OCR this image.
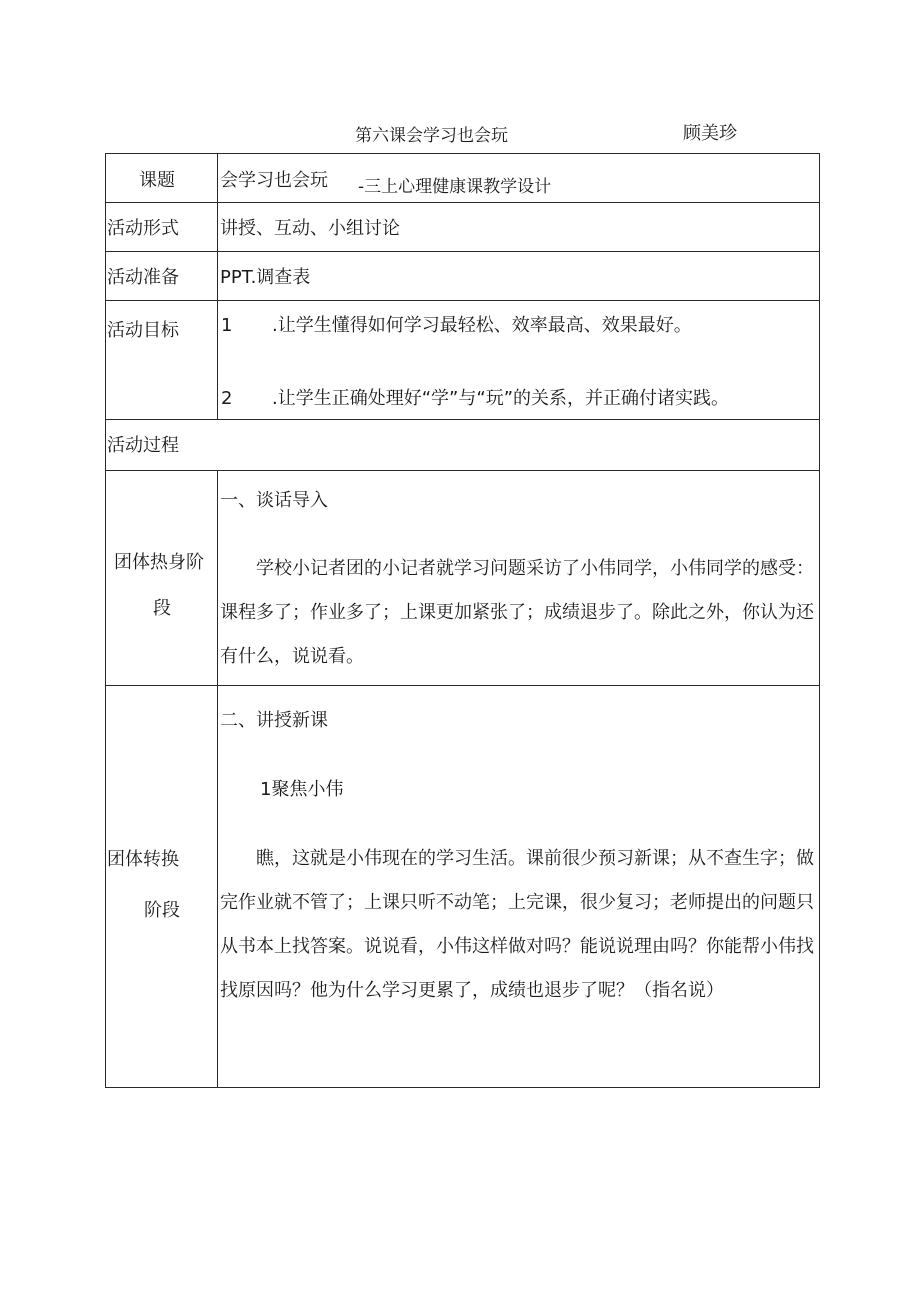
第六课会学习也会玩	顾美珍
课题	会学习也会玩 -三上心理健康课教学设计

活动形式	讲授、互动、小组讨论

活动准备	PPT.调查表

活动目标	1 .让学生懂得如何学习最轻松、效率最高、效果最好。
2 .让学生正确处理好“学”与“玩”的关系，并正确付诸实践。

活动过程	

团体热身阶
段	一、谈话导入
学校小记者团的小记者就学习问题采访了小伟同学，小伟同学的感受：课程多了；作业多了；上课更加紧张了；成绩退步了。除此之外，你认为还有什么，说说看。

团体转换
阶段	二、讲授新课
1聚焦小伟
瞧，这就是小伟现在的学习生活。课前很少预习新课；从不查生字；做完作业就不管了；上课只听不动笔；上完课，很少复习；老师提出的问题只从书本上找答案。说说看，小伟这样做对吗？能说说理由吗？你能帮小伟找找原因吗？他为什么学习更累了，成绩也退步了呢？（指名说）
